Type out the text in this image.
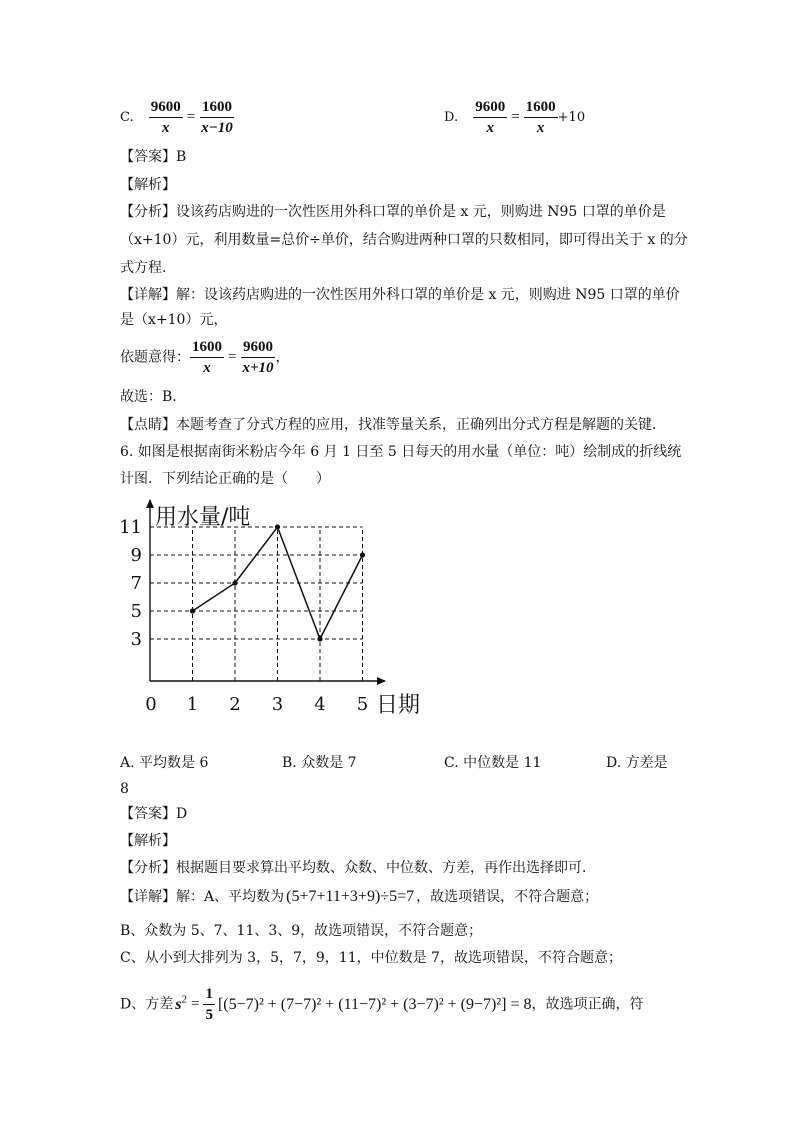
C. $\frac{9600}{x} = \frac{1600}{x-10}$	D. $\frac{9600}{x} = \frac{1600}{x} +10$
【答案】B
【解析】
【分析】设该药店购进的一次性医用外科口罩的单价是 x 元，则购进 N95 口罩的单价是
（x+10）元，利用数量=总价÷单价，结合购进两种口罩的只数相同，即可得出关于 x 的分
式方程．
【详解】解：设该药店购进的一次性医用外科口罩的单价是 x 元，则购进 N95 口罩的单价
是（x+10）元，
依题意得： $\frac{1600}{x} = \frac{9600}{x+10}$ ，
故选：B．
【点睛】本题考查了分式方程的应用，找准等量关系，正确列出分式方程是解题的关键．
6. 如图是根据南街米粉店今年 6 月 1 日至 5 日每天的用水量（单位：吨）绘制成的折线统
计图．下列结论正确的是（　　）
3
5
7
9
11
0 1 2 3 4 5
用水量/吨
日期
A. 平均数是 6	B. 众数是 7	C. 中位数是 11	D. 方差是
8
【答案】D
【解析】
【分析】根据题目要求算出平均数、众数、中位数、方差，再作出选择即可．
【详解】解：A、平均数为 (5+7+11+3+9)÷5=7 ，故选项错误，不符合题意；
B、众数为 5、7、11、3、9，故选项错误，不符合题意；
C、从小到大排列为 3，5，7，9，11，中位数是 7，故选项错误，不符合题意；
D、方差 $s^2 = \frac{1}{5} [(5-7)^2 + (7-7)^2 + (11-7)^2 + (3-7)^2 + (9-7)^2] = 8$，故选项正确，符
